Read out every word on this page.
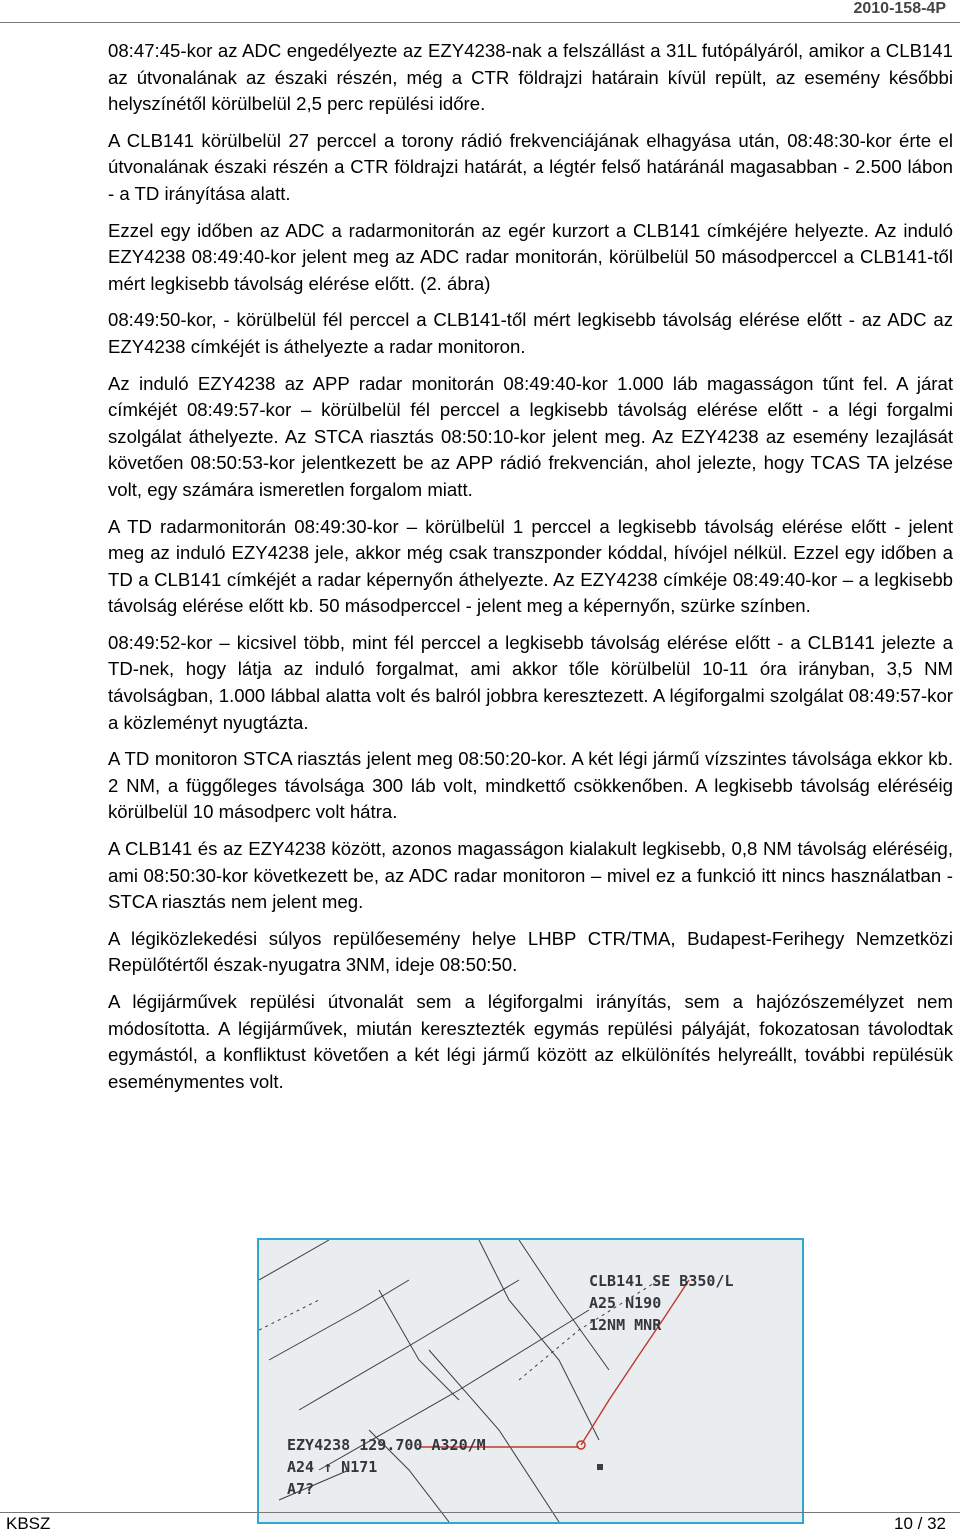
2010-158-4P

08:47:45-kor az ADC engedélyezte az EZY4238-nak a felszállást a 31L futópályáról, amikor a CLB141 az útvonalának az északi részén, még a CTR földrajzi határain kívül repült, az esemény későbbi helyszínétől körülbelül 2,5 perc repülési időre.

A CLB141 körülbelül 27 perccel a torony rádió frekvenciájának elhagyása után, 08:48:30-kor érte el útvonalának északi részén a CTR földrajzi határát, a légtér felső határánál magasabban - 2.500 lábon - a TD irányítása alatt.

Ezzel egy időben az ADC a radarmonitorán az egér kurzort a CLB141 címkéjére helyezte. Az induló EZY4238 08:49:40-kor jelent meg az ADC radar monitorán, körülbelül 50 másodperccel a CLB141-től mért legkisebb távolság elérése előtt. (2. ábra)

08:49:50-kor, - körülbelül fél perccel a CLB141-től mért legkisebb távolság elérése előtt - az ADC az EZY4238 címkéjét is áthelyezte a radar monitoron.

Az induló EZY4238 az APP radar monitorán 08:49:40-kor 1.000 láb magasságon tűnt fel. A járat címkéjét 08:49:57-kor – körülbelül fél perccel a legkisebb távolság elérése előtt - a légi forgalmi szolgálat áthelyezte. Az STCA riasztás 08:50:10-kor jelent meg. Az EZY4238 az esemény lezajlását követően 08:50:53-kor jelentkezett be az APP rádió frekvencián, ahol jelezte, hogy TCAS TA jelzése volt, egy számára ismeretlen forgalom miatt.

A TD radarmonitorán 08:49:30-kor – körülbelül 1 perccel a legkisebb távolság elérése előtt - jelent meg az induló EZY4238 jele, akkor még csak transzponder kóddal, hívójel nélkül. Ezzel egy időben a TD a CLB141 címkéjét a radar képernyőn áthelyezte. Az EZY4238 címkéje 08:49:40-kor – a legkisebb távolság elérése előtt kb. 50 másodperccel - jelent meg a képernyőn, szürke színben.

08:49:52-kor – kicsivel több, mint fél perccel a legkisebb távolság elérése előtt - a CLB141 jelezte a TD-nek, hogy látja az induló forgalmat, ami akkor tőle körülbelül 10-11 óra irányban, 3,5 NM távolságban, 1.000 lábbal alatta volt és balról jobbra keresztezett. A légiforgalmi szolgálat 08:49:57-kor a közleményt nyugtázta.

A TD monitoron STCA riasztás jelent meg 08:50:20-kor. A két légi jármű vízszintes távolsága ekkor kb. 2 NM, a függőleges távolsága 300 láb volt, mindkettő csökkenőben. A legkisebb távolság eléréséig körülbelül 10 másodperc volt hátra.

A CLB141 és az EZY4238 között, azonos magasságon kialakult legkisebb, 0,8 NM távolság eléréséig, ami 08:50:30-kor következett be, az ADC radar monitoron – mivel ez a funkció itt nincs használatban - STCA riasztás nem jelent meg.

A légiközlekedési súlyos repülőesemény helye LHBP CTR/TMA, Budapest-Ferihegy Nemzetközi Repülőtértől észak-nyugatra 3NM, ideje 08:50:50.

A légijárművek repülési útvonalát sem a légiforgalmi irányítás, sem a hajózószemélyzet nem módosította. A légijárművek, miután keresztezték egymás repülési pályáját, fokozatosan távolodtak egymástól, a konfliktust követően a két légi jármű között az elkülönítés helyreállt, további repülésük eseménymentes volt.

CLB141 SE B350/L
A25 N190
12NM MNR
EZY4238 129.700 A320/M
A24 ↑ N171
A7?
KBSZ	10 / 32
